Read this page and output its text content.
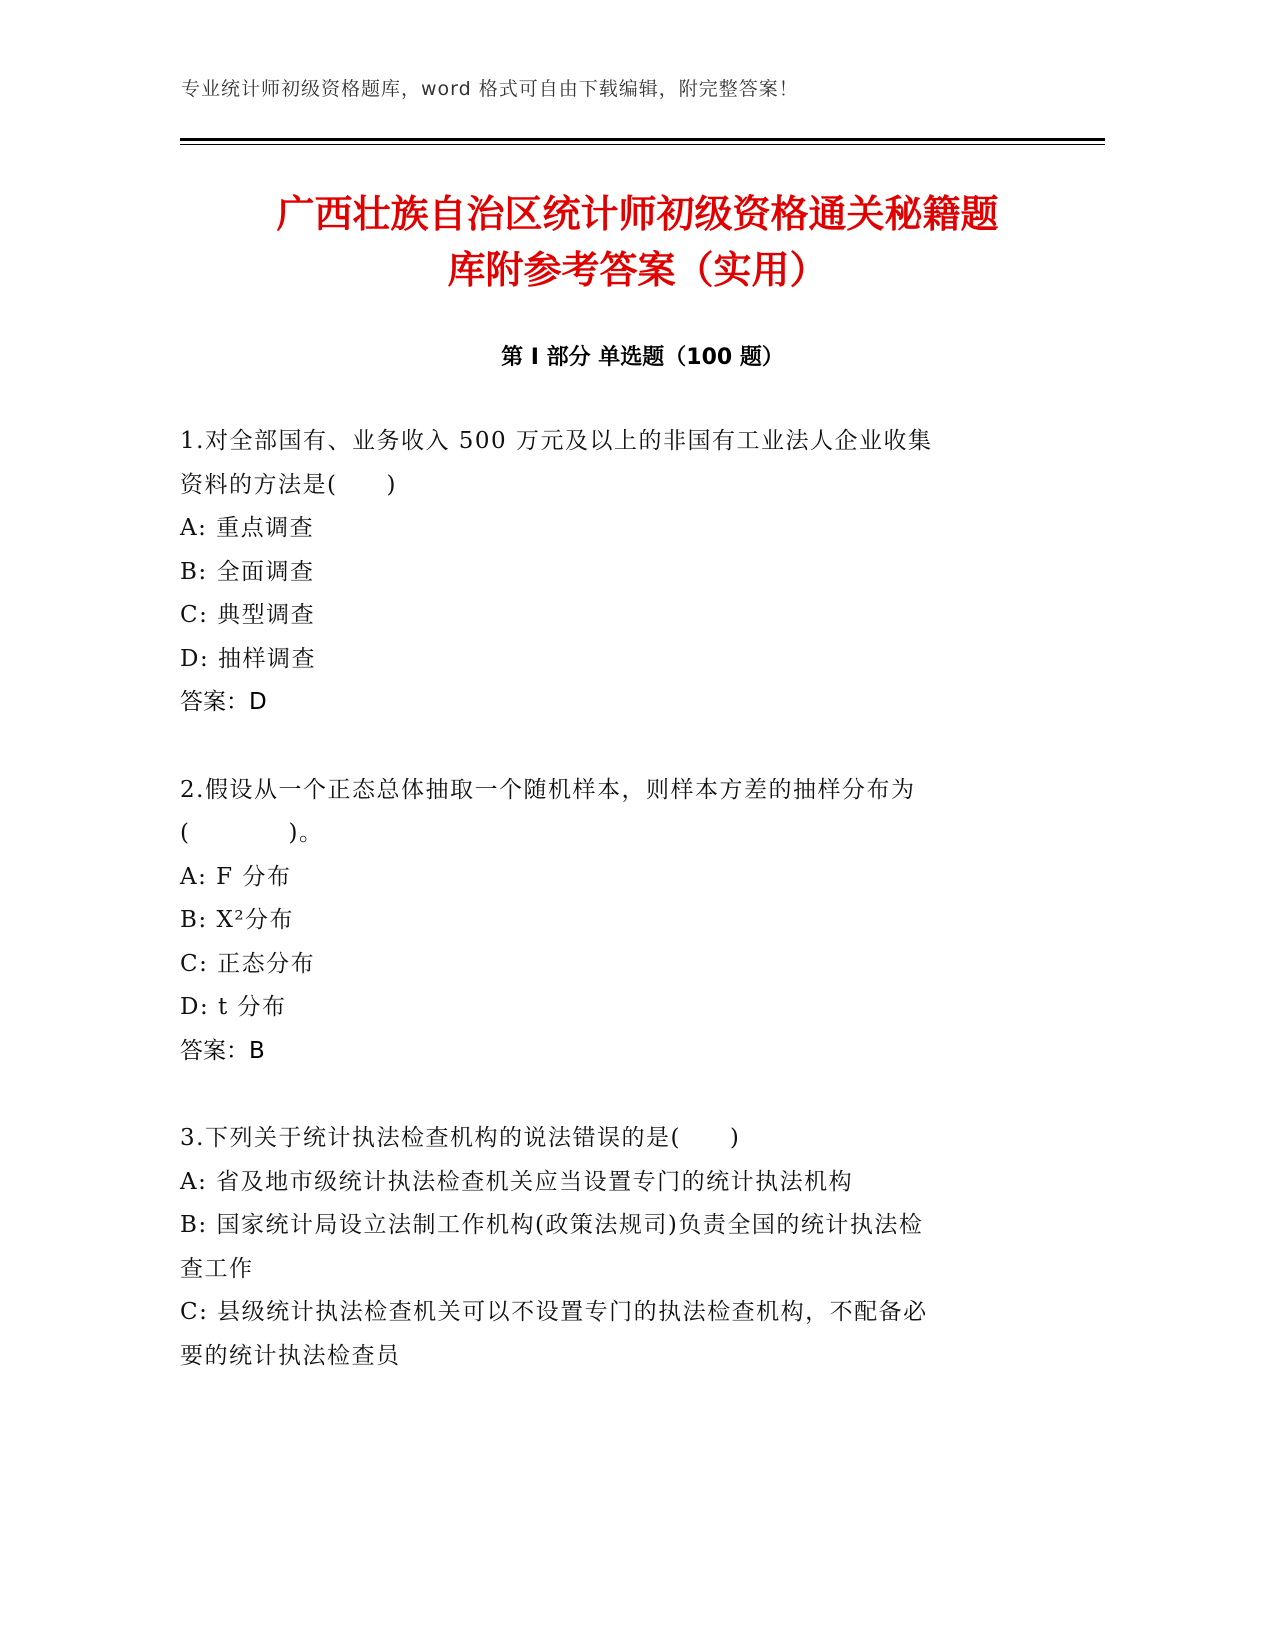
专业统计师初级资格题库，word 格式可自由下载编辑，附完整答案！
广西壮族自治区统计师初级资格通关秘籍题
库附参考答案（实用）
第 I 部分 单选题（100 题）
1.对全部国有、业务收入 500 万元及以上的非国有工业法人企业收集
资料的方法是(　　)
A: 重点调查
B: 全面调查
C: 典型调查
D: 抽样调查
答案：D
2.假设从一个正态总体抽取一个随机样本，则样本方差的抽样分布为
(　　　　)。
A: F 分布
B: X²分布
C: 正态分布
D: t 分布
答案：B
3.下列关于统计执法检查机构的说法错误的是(　　)
A: 省及地市级统计执法检查机关应当设置专门的统计执法机构
B: 国家统计局设立法制工作机构(政策法规司)负责全国的统计执法检
查工作
C: 县级统计执法检查机关可以不设置专门的执法检查机构，不配备必
要的统计执法检查员
